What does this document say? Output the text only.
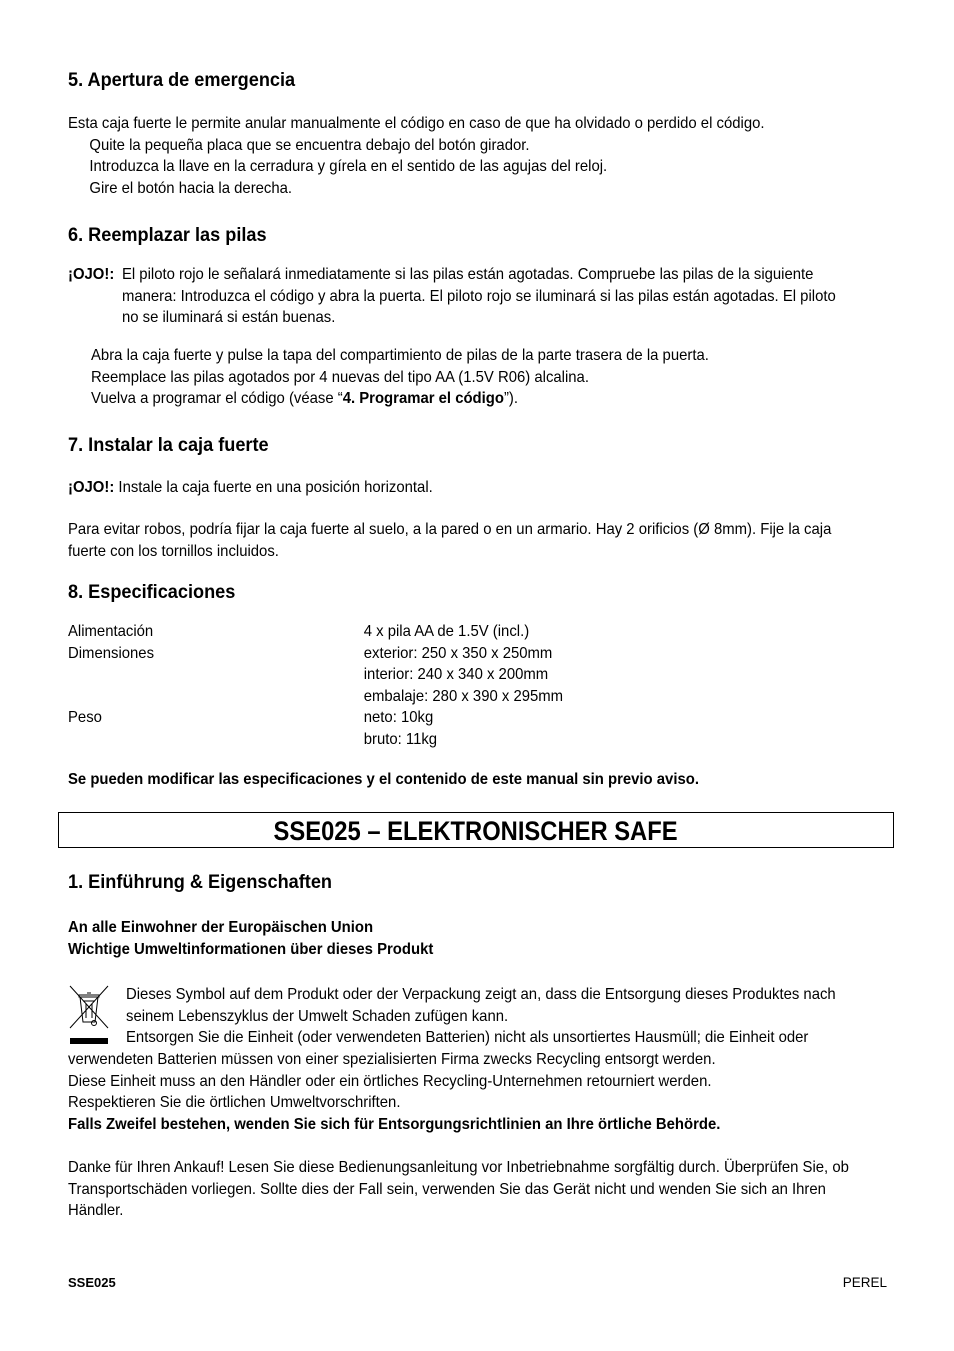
5. Apertura de emergencia

Esta caja fuerte le permite anular manualmente el código en caso de que ha olvidado o perdido el código.

Quite la pequeña placa que se encuentra debajo del botón girador.

Introduzca la llave en la cerradura y gírela en el sentido de las agujas del reloj.

Gire el botón hacia la derecha.

6. Reemplazar las pilas
¡OJO!: El piloto rojo le señalará inmediatamente si las pilas están agotadas. Compruebe las pilas de la siguiente

manera: Introduzca el código y abra la puerta. El piloto rojo se iluminará si las pilas están agotadas. El piloto

no se iluminará si están buenas.

Abra la caja fuerte y pulse la tapa del compartimiento de pilas de la parte trasera de la puerta.

Reemplace las pilas agotados por 4 nuevas del tipo AA (1.5V R06) alcalina.

Vuelva a programar el código (véase “4. Programar el código”).

7. Instalar la caja fuerte
¡OJO!: Instale la caja fuerte en una posición horizontal.

Para evitar robos, podría fijar la caja fuerte al suelo, a la pared o en un armario. Hay 2 orificios (Ø 8mm). Fije la caja

fuerte con los tornillos incluidos.

8. Especificaciones
Alimentación	4 x pila AA de 1.5V (incl.)
Dimensiones	exterior: 250 x 350 x 250mm
interior: 240 x 340 x 200mm
embalaje: 280 x 390 x 295mm
Peso	neto: 10kg
bruto: 11kg

Se pueden modificar las especificaciones y el contenido de este manual sin previo aviso.

SSE025 – ELEKTRONISCHER SAFE
1. Einführung & Eigenschaften

An alle Einwohner der Europäischen Union

Wichtige Umweltinformationen über dieses Produkt

Dieses Symbol auf dem Produkt oder der Verpackung zeigt an, dass die Entsorgung dieses Produktes nach

seinem Lebenszyklus der Umwelt Schaden zufügen kann.

Entsorgen Sie die Einheit (oder verwendeten Batterien) nicht als unsortiertes Hausmüll; die Einheit oder

verwendeten Batterien müssen von einer spezialisierten Firma zwecks Recycling entsorgt werden.

Diese Einheit muss an den Händler oder ein örtliches Recycling-Unternehmen retourniert werden.

Respektieren Sie die örtlichen Umweltvorschriften.

Falls Zweifel bestehen, wenden Sie sich für Entsorgungsrichtlinien an Ihre örtliche Behörde.

Danke für Ihren Ankauf! Lesen Sie diese Bedienungsanleitung vor Inbetriebnahme sorgfältig durch. Überprüfen Sie, ob

Transportschäden vorliegen. Sollte dies der Fall sein, verwenden Sie das Gerät nicht und wenden Sie sich an Ihren

Händler.

SSE025	PEREL
